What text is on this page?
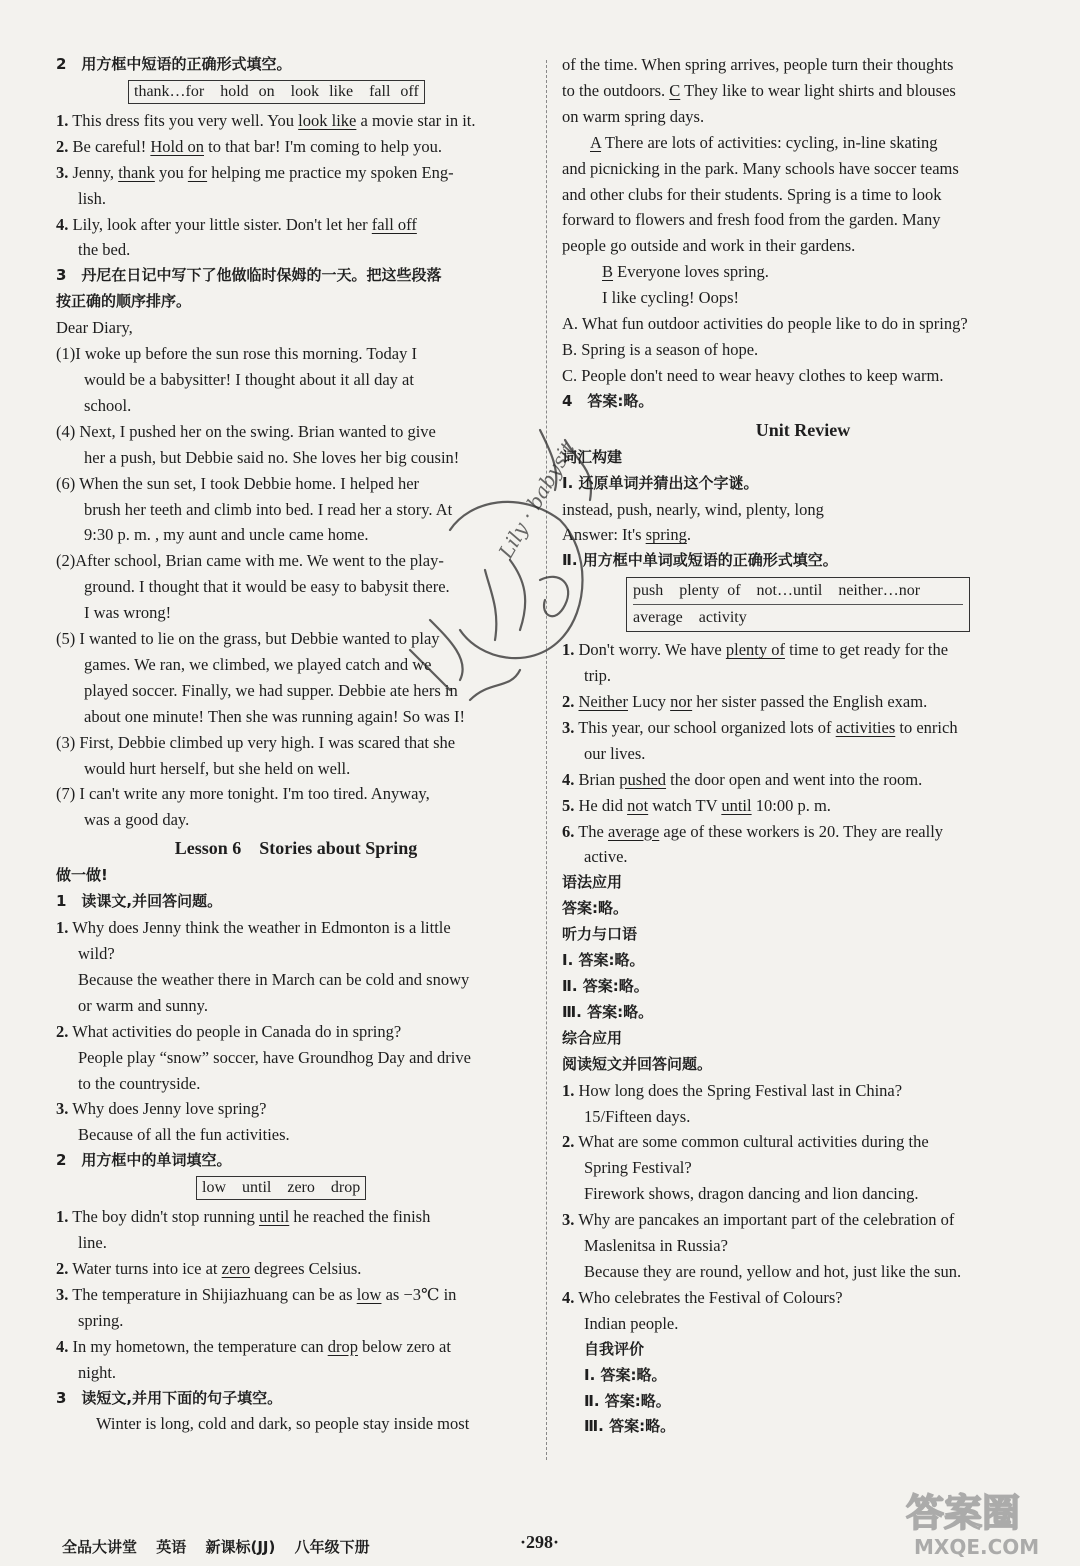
2　用方框中短语的正确形式填空。
thank…for　hold on　look like　fall off
1. This dress fits you very well. You look like a movie star in it.
2. Be careful! Hold on to that bar! I'm coming to help you.
3. Jenny, thank you for helping me practice my spoken Eng-
lish.
4. Lily, look after your little sister. Don't let her fall off
the bed.
3　丹尼在日记中写下了他做临时保姆的一天。把这些段落
按正确的顺序排序。
Dear Diary,
(1)I woke up before the sun rose this morning. Today I
would be a babysitter! I thought about it all day at
school.
(4) Next, I pushed her on the swing. Brian wanted to give
her a push, but Debbie said no. She loves her big cousin!
(6) When the sun set, I took Debbie home. I helped her
brush her teeth and climb into bed. I read her a story. At
9:30 p. m. , my aunt and uncle came home.
(2)After school, Brian came with me. We went to the play-
ground. I thought that it would be easy to babysit there.
I was wrong!
(5) I wanted to lie on the grass, but Debbie wanted to play
games. We ran, we climbed, we played catch and we
played soccer. Finally, we had supper. Debbie ate hers in
about one minute! Then she was running again! So was I!
(3) First, Debbie climbed up very high. I was scared that she
would hurt herself, but she held on well.
(7) I can't write any more tonight. I'm too tired. Anyway,
was a good day.
Lesson 6　Stories about Spring
做一做!
1　读课文,并回答问题。
1. Why does Jenny think the weather in Edmonton is a little
wild?
Because the weather there in March can be cold and snowy
or warm and sunny.
2. What activities do people in Canada do in spring?
People play “snow” soccer, have Groundhog Day and drive
to the countryside.
3. Why does Jenny love spring?
Because of all the fun activities.
2　用方框中的单词填空。
low　until　zero　drop
1. The boy didn't stop running until he reached the finish
line.
2. Water turns into ice at zero degrees Celsius.
3. The temperature in Shijiazhuang can be as low as −3℃ in
spring.
4. In my hometown, the temperature can drop below zero at
night.
3　读短文,并用下面的句子填空。
Winter is long, cold and dark, so people stay inside most
of the time. When spring arrives, people turn their thoughts
to the outdoors. C They like to wear light shirts and blouses
on warm spring days.
A There are lots of activities: cycling, in-line skating
and picnicking in the park. Many schools have soccer teams
and other clubs for their students. Spring is a time to look
forward to flowers and fresh food from the garden. Many
people go outside and work in their gardens.
B Everyone loves spring.
I like cycling! Oops!
A. What fun outdoor activities do people like to do in spring?
B. Spring is a season of hope.
C. People don't need to wear heavy clothes to keep warm.
4　答案:略。
Unit Review
词汇构建
Ⅰ. 还原单词并猜出这个字谜。
instead, push, nearly, wind, plenty, long
Answer: It's spring.
Ⅱ. 用方框中单词或短语的正确形式填空。
push　plenty of　not…until　neither…nor
average　activity
1. Don't worry. We have plenty of time to get ready for the
trip.
2. Neither Lucy nor her sister passed the English exam.
3. This year, our school organized lots of activities to enrich
our lives.
4. Brian pushed the door open and went into the room.
5. He did not watch TV until 10:00 p. m.
6. The average age of these workers is 20. They are really
active.
语法应用
答案:略。
听力与口语
Ⅰ. 答案:略。
Ⅱ. 答案:略。
Ⅲ. 答案:略。
综合应用
阅读短文并回答问题。
1. How long does the Spring Festival last in China?
15/Fifteen days.
2. What are some common cultural activities during the
Spring Festival?
Firework shows, dragon dancing and lion dancing.
3. Why are pancakes an important part of the celebration of
Maslenitsa in Russia?
Because they are round, yellow and hot, just like the sun.
4. Who celebrates the Festival of Colours?
Indian people.
自我评价
Ⅰ. 答案:略。
Ⅱ. 答案:略。
Ⅲ. 答案:略。
Lily · babysit
全品大讲堂 英语 新课标(JJ) 八年级下册	·298·
答案圈
MXQE.COM
